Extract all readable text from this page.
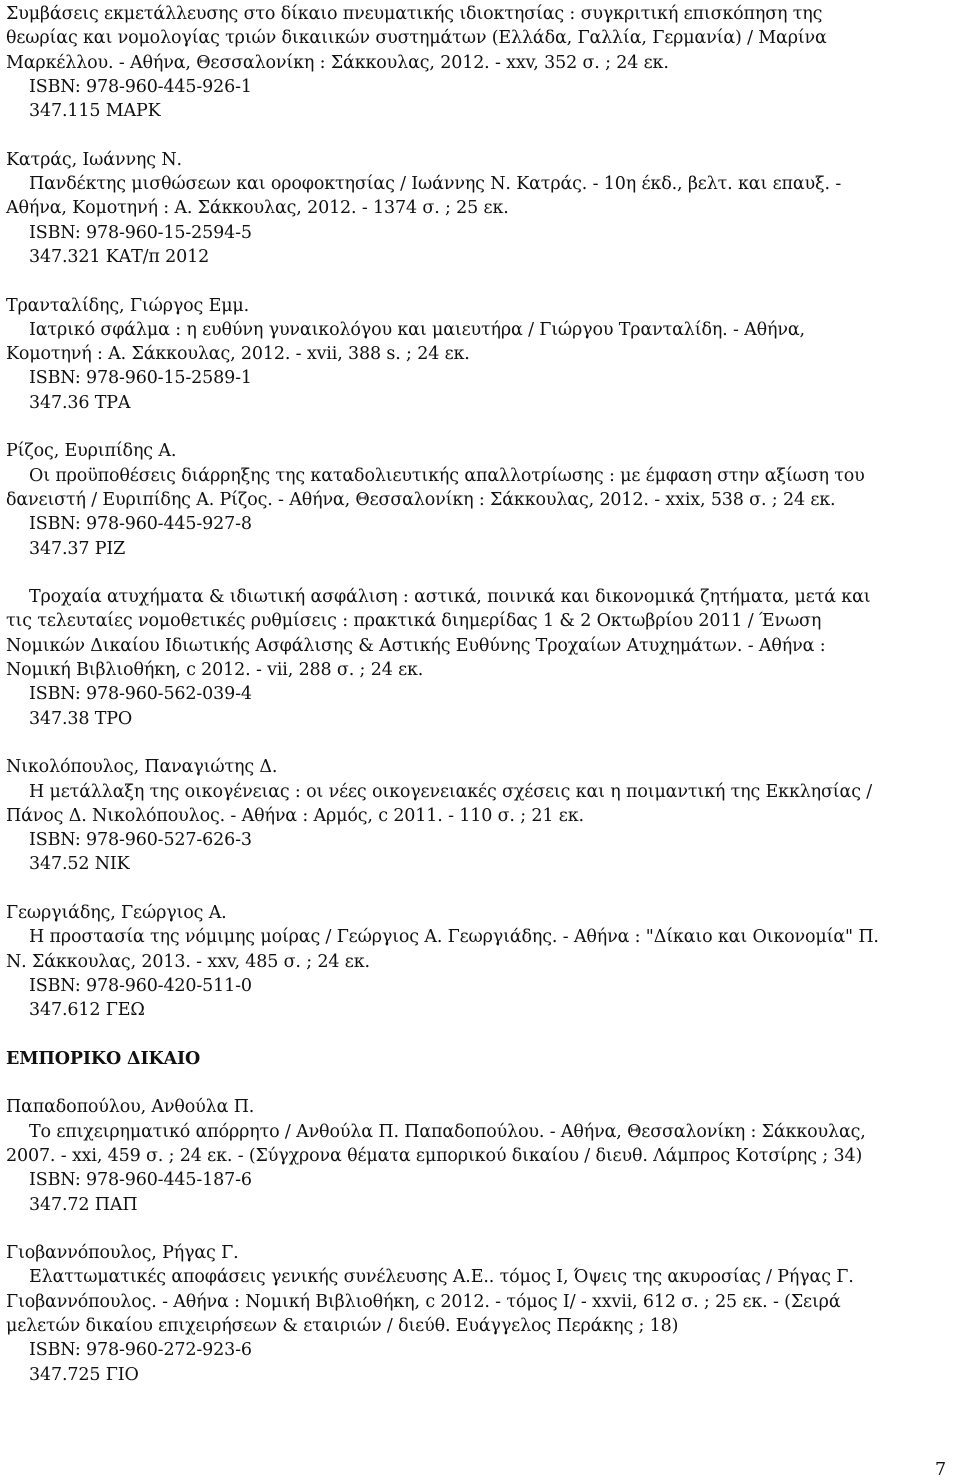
Συμβάσεις εκμετάλλευσης στο δίκαιο πνευματικής ιδιοκτησίας : συγκριτική επισκόπηση της
θεωρίας και νομολογίας τριών δικαιικών συστημάτων (Ελλάδα, Γαλλία, Γερμανία) / Μαρίνα
Μαρκέλλου. - Αθήνα, Θεσσαλονίκη : Σάκκουλας, 2012. - xxv, 352 σ. ; 24 εκ.
ISBN: 978-960-445-926-1
347.115 ΜΑΡΚ
Κατράς, Ιωάννης Ν.
Πανδέκτης μισθώσεων και οροφοκτησίας / Ιωάννης Ν. Κατράς. - 10η έκδ., βελτ. και επαυξ. -
Αθήνα, Κομοτηνή : Α. Σάκκουλας, 2012. - 1374 σ. ; 25 εκ.
ISBN: 978-960-15-2594-5
347.321 ΚΑΤ/π 2012
Τρανταλίδης, Γιώργος Εμμ.
Ιατρικό σφάλμα : η ευθύνη γυναικολόγου και μαιευτήρα / Γιώργου Τρανταλίδη. - Αθήνα,
Κομοτηνή : Α. Σάκκουλας, 2012. - xvii, 388 s. ; 24 εκ.
ISBN: 978-960-15-2589-1
347.36 ΤΡΑ
Ρίζος, Ευριπίδης Α.
Οι προϋποθέσεις διάρρηξης της καταδολιευτικής απαλλοτρίωσης : με έμφαση στην αξίωση του
δανειστή / Ευριπίδης Α. Ρίζος. - Αθήνα, Θεσσαλονίκη : Σάκκουλας, 2012. - xxix, 538 σ. ; 24 εκ.
ISBN: 978-960-445-927-8
347.37 ΡΙΖ
Τροχαία ατυχήματα & ιδιωτική ασφάλιση : αστικά, ποινικά και δικονομικά ζητήματα, μετά και
τις τελευταίες νομοθετικές ρυθμίσεις : πρακτικά διημερίδας 1 & 2 Οκτωβρίου 2011 / Ένωση
Νομικών Δικαίου Ιδιωτικής Ασφάλισης & Αστικής Ευθύνης Τροχαίων Ατυχημάτων. - Αθήνα :
Νομική Βιβλιοθήκη, c 2012. - vii, 288 σ. ; 24 εκ.
ISBN: 978-960-562-039-4
347.38 ΤΡΟ
Νικολόπουλος, Παναγιώτης Δ.
Η μετάλλαξη της οικογένειας : οι νέες οικογενειακές σχέσεις και η ποιμαντική της Εκκλησίας /
Πάνος Δ. Νικολόπουλος. - Αθήνα : Αρμός, c 2011. - 110 σ. ; 21 εκ.
ISBN: 978-960-527-626-3
347.52 ΝΙΚ
Γεωργιάδης, Γεώργιος Α.
Η προστασία της νόμιμης μοίρας / Γεώργιος Α. Γεωργιάδης. - Αθήνα : "Δίκαιο και Οικονομία" Π.
Ν. Σάκκουλας, 2013. - xxv, 485 σ. ; 24 εκ.
ISBN: 978-960-420-511-0
347.612 ΓΕΩ
ΕΜΠΟΡΙΚΟ ΔΙΚΑΙΟ
Παπαδοπούλου, Ανθούλα Π.
Το επιχειρηματικό απόρρητο / Ανθούλα Π. Παπαδοπούλου. - Αθήνα, Θεσσαλονίκη : Σάκκουλας,
2007. - xxi, 459 σ. ; 24 εκ. - (Σύγχρονα θέματα εμπορικού δικαίου / διευθ. Λάμπρος Κοτσίρης ; 34)
ISBN: 978-960-445-187-6
347.72 ΠΑΠ
Γιοβαννόπουλος, Ρήγας Γ.
Ελαττωματικές αποφάσεις γενικής συνέλευσης Α.Ε.. τόμος Ι, Όψεις της ακυροσίας / Ρήγας Γ.
Γιοβαννόπουλος. - Αθήνα : Νομική Βιβλιοθήκη, c 2012. - τόμος Ι/ - xxvii, 612 σ. ; 25 εκ. - (Σειρά
μελετών δικαίου επιχειρήσεων & εταιριών / διεύθ. Ευάγγελος Περάκης ; 18)
ISBN: 978-960-272-923-6
347.725 ΓΙΟ
7
